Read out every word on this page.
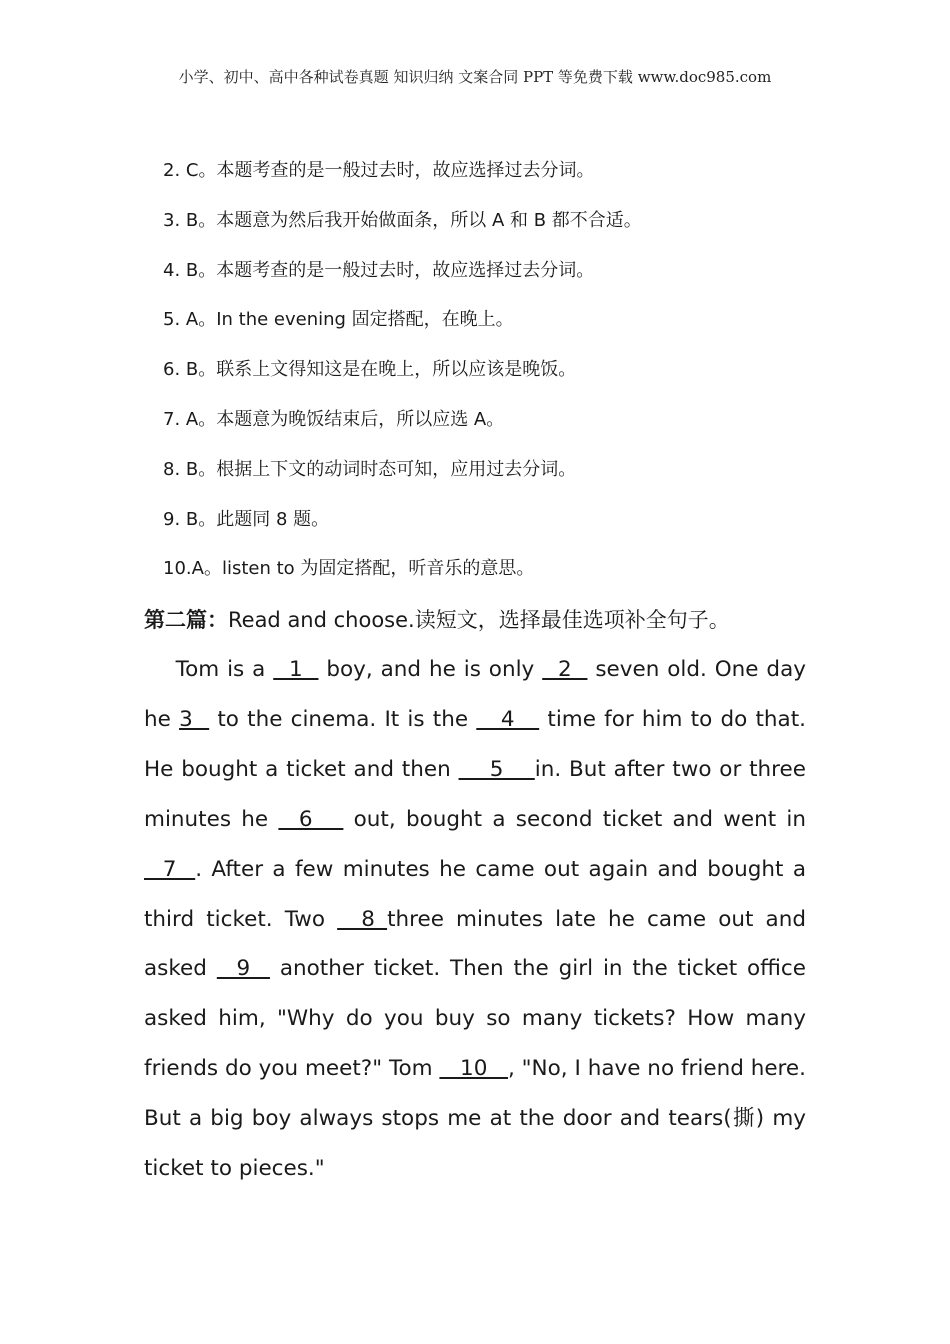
小学、初中、高中各种试卷真题 知识归纳 文案合同 PPT 等免费下载 www.doc985.com
2. C。本题考查的是一般过去时，故应选择过去分词。
3. B。本题意为然后我开始做面条，所以 A 和 B 都不合适。
4. B。本题考查的是一般过去时，故应选择过去分词。
5. A。In the evening 固定搭配，在晚上。
6. B。联系上文得知这是在晚上，所以应该是晚饭。
7. A。本题意为晚饭结束后，所以应选 A。
8. B。根据上下文的动词时态可知，应用过去分词。
9. B。此题同 8 题。
10.A。listen to 为固定搭配，听音乐的意思。
第二篇：Read and choose.读短文，选择最佳选项补全句子。
Tom is a   1   boy, and he is only   2   seven old. One day he 3   to the cinema. It is the    4    time for him to do that. He bought a ticket and then     5    in. But after two or three minutes he   6    out, bought a second ticket and went in   7  . After a few minutes he came out again and bought a third ticket. Two   8 three minutes late he came out and asked   9   another ticket. Then the girl in the ticket office asked him, "Why do you buy so many tickets? How many friends do you meet?" Tom    10   , "No, I have no friend here. But a big boy always stops me at the door and tears(撕) my ticket to pieces."
